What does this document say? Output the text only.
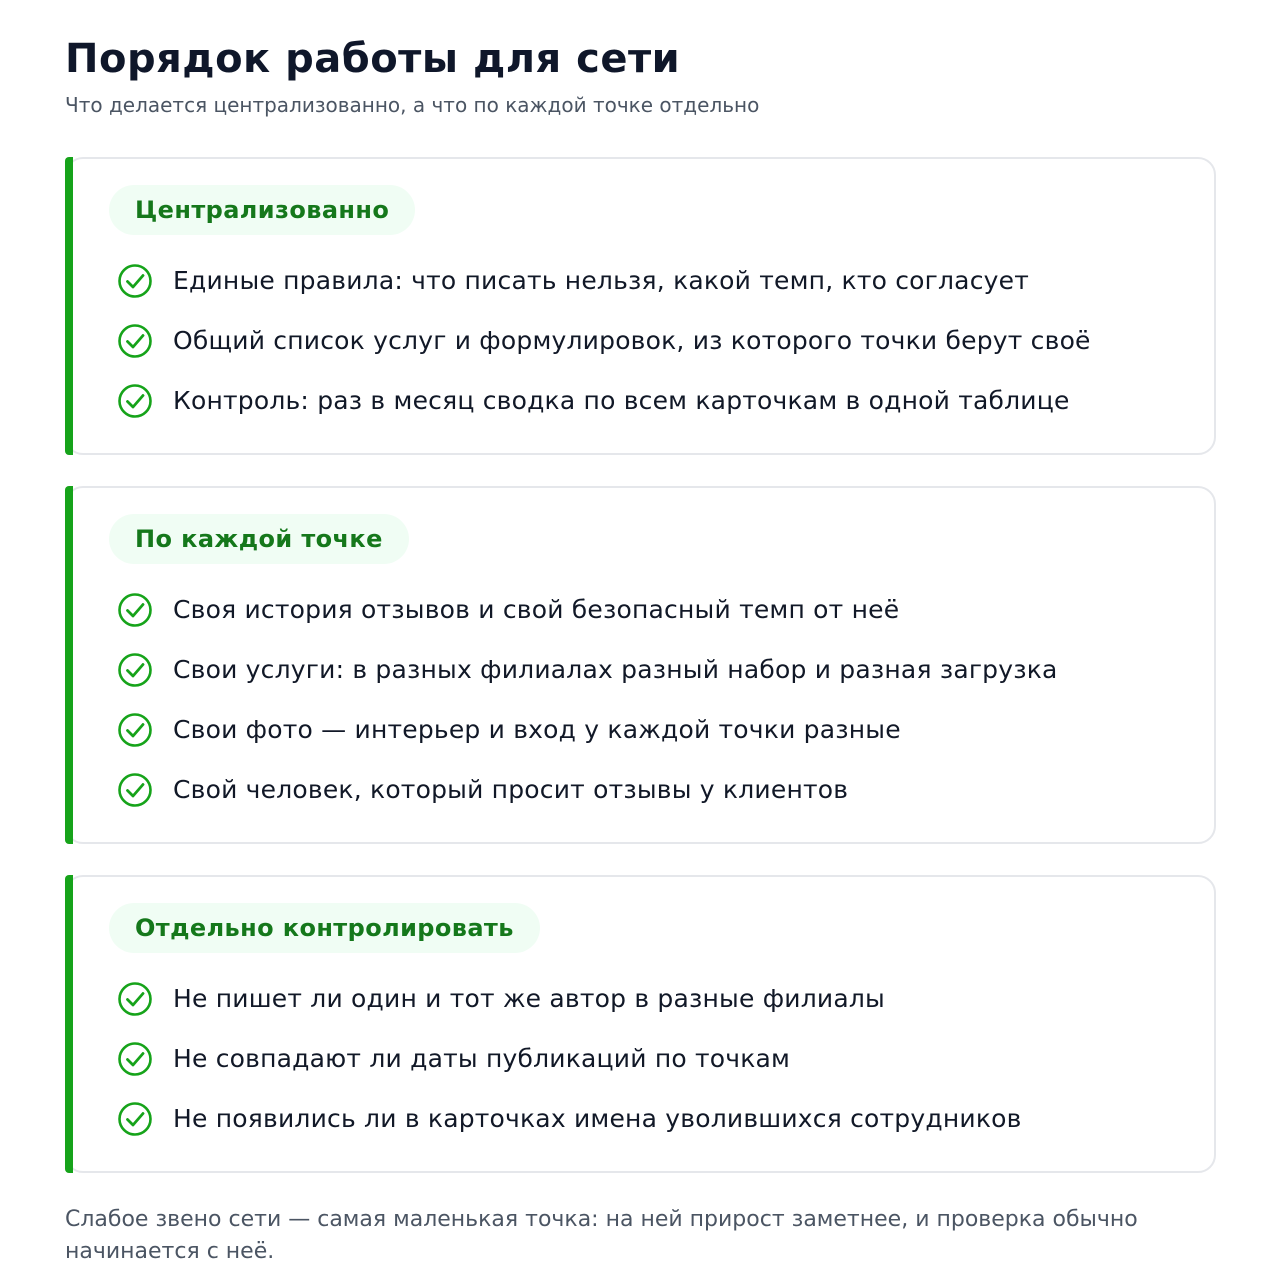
Порядок работы для сети

Что делается централизованно, а что по каждой точке отдельно

Централизованно
Единые правила: что писать нельзя, какой темп, кто согласует
Общий список услуг и формулировок, из которого точки берут своё
Контроль: раз в месяц сводка по всем карточкам в одной таблице
По каждой точке
Своя история отзывов и свой безопасный темп от неё
Свои услуги: в разных филиалах разный набор и разная загрузка
Свои фото — интерьер и вход у каждой точки разные
Свой человек, который просит отзывы у клиентов
Отдельно контролировать
Не пишет ли один и тот же автор в разные филиалы
Не совпадают ли даты публикаций по точкам
Не появились ли в карточках имена уволившихся сотрудников

Слабое звено сети — самая маленькая точка: на ней прирост заметнее, и проверка обычно начинается с неё.
